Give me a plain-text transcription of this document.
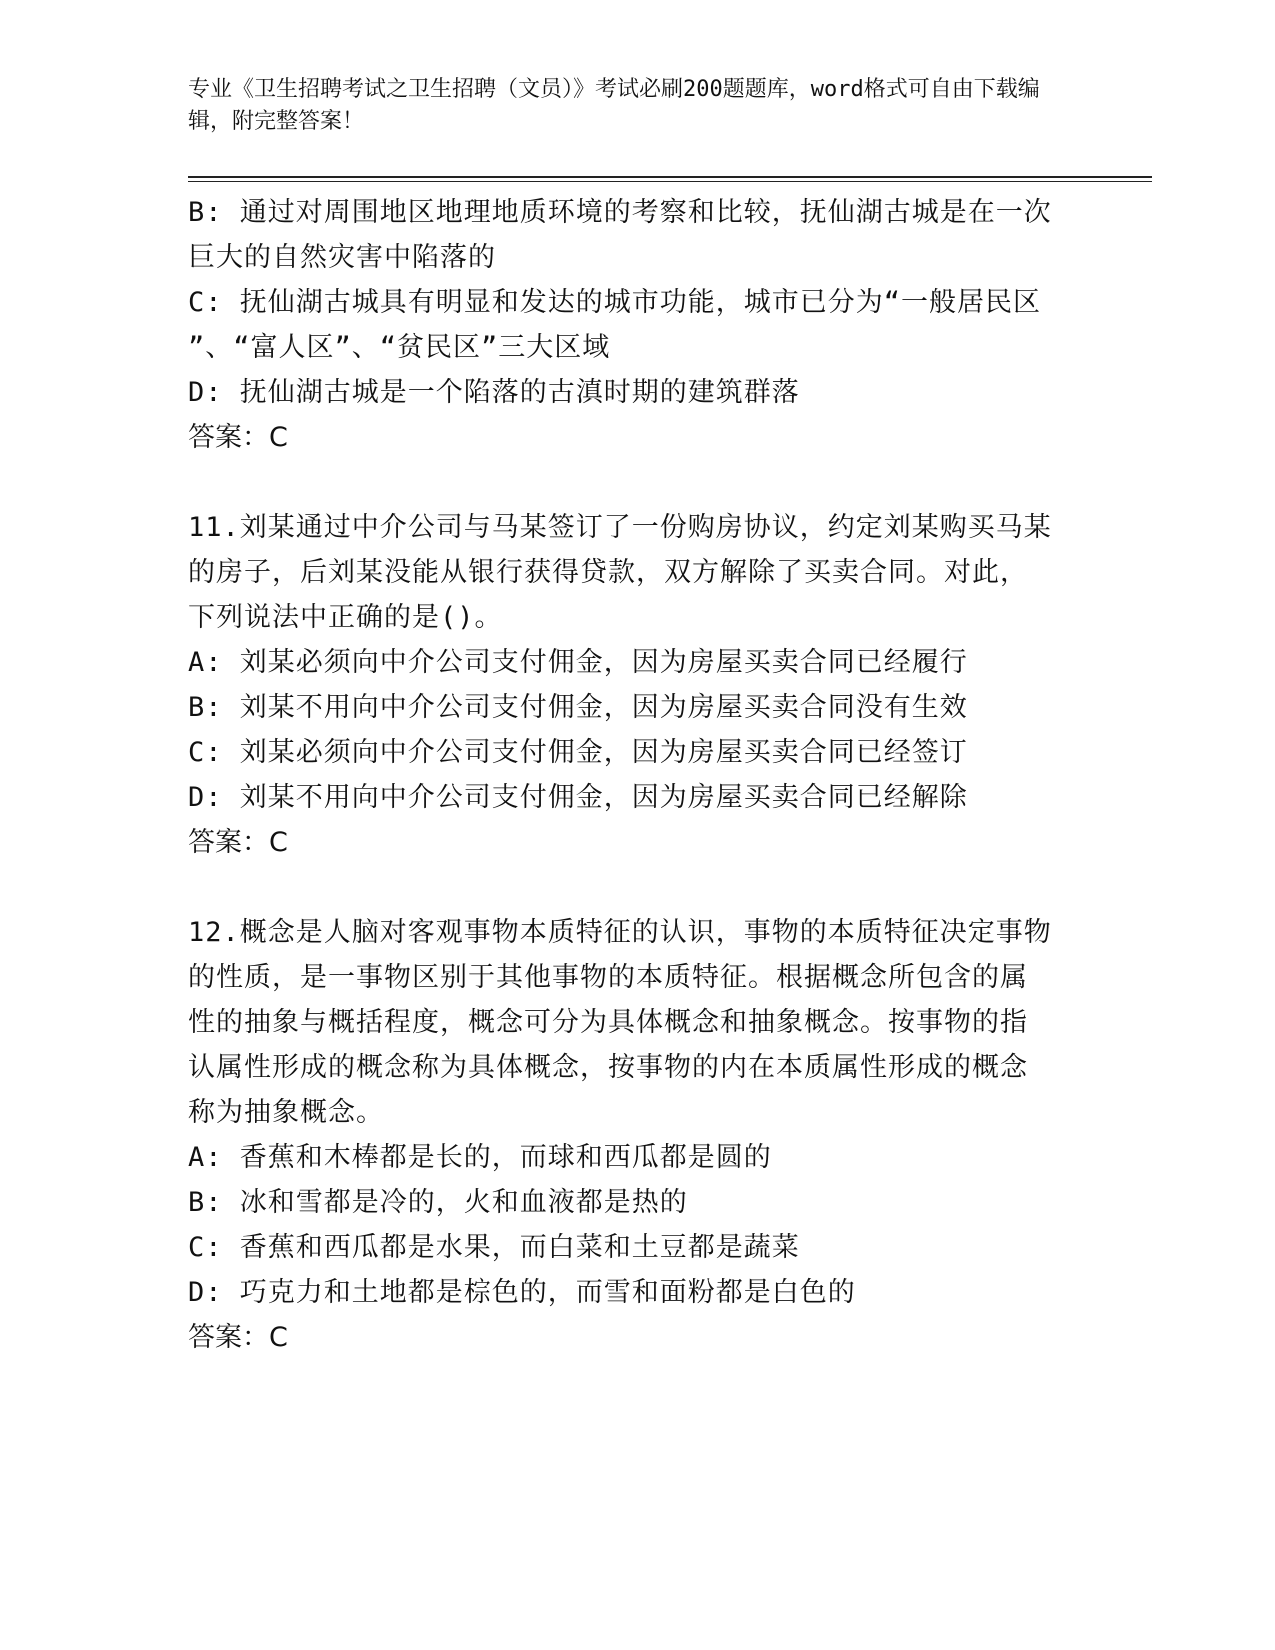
专业《卫生招聘考试之卫生招聘（文员）》考试必刷200题题库，word格式可自由下载编辑，附完整答案！
B: 通过对周围地区地理地质环境的考察和比较，抚仙湖古城是在一次
巨大的自然灾害中陷落的
C: 抚仙湖古城具有明显和发达的城市功能，城市已分为“一般居民区
”、“富人区”、“贫民区”三大区域
D: 抚仙湖古城是一个陷落的古滇时期的建筑群落
答案：C
11.刘某通过中介公司与马某签订了一份购房协议，约定刘某购买马某
的房子，后刘某没能从银行获得贷款，双方解除了买卖合同。对此，
下列说法中正确的是()。
A: 刘某必须向中介公司支付佣金，因为房屋买卖合同已经履行
B: 刘某不用向中介公司支付佣金，因为房屋买卖合同没有生效
C: 刘某必须向中介公司支付佣金，因为房屋买卖合同已经签订
D: 刘某不用向中介公司支付佣金，因为房屋买卖合同已经解除
答案：C
12.概念是人脑对客观事物本质特征的认识，事物的本质特征决定事物
的性质，是一事物区别于其他事物的本质特征。根据概念所包含的属
性的抽象与概括程度，概念可分为具体概念和抽象概念。按事物的指
认属性形成的概念称为具体概念，按事物的内在本质属性形成的概念
称为抽象概念。
A: 香蕉和木棒都是长的，而球和西瓜都是圆的
B: 冰和雪都是冷的，火和血液都是热的
C: 香蕉和西瓜都是水果，而白菜和土豆都是蔬菜
D: 巧克力和土地都是棕色的，而雪和面粉都是白色的
答案：C
